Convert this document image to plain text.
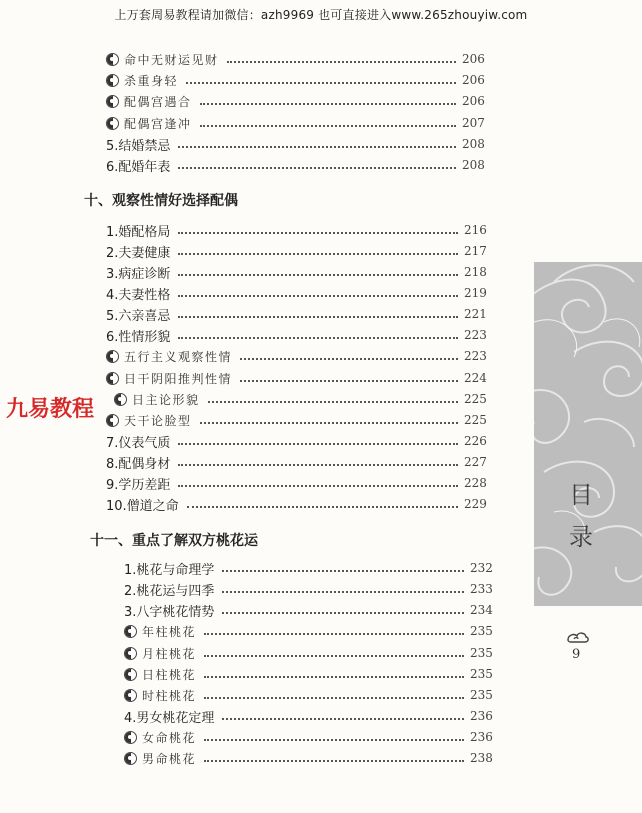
上万套周易教程请加微信：azh9969 也可直接进入www.265zhouyiw.com
九易教程
命中无财运见财	206
杀重身轻	206
配偶宫遇合	206
配偶宫逢冲	207
5.结婚禁忌	208
6.配婚年表	208
十、观察性情好选择配偶
1.婚配格局	216
2.夫妻健康	217
3.病症诊断	218
4.夫妻性格	219
5.六亲喜忌	221
6.性情形貌	223
五行主义观察性情	223
日干阴阳推判性情	224
日主论形貌	225
天干论脸型	225
7.仪表气质	226
8.配偶身材	227
9.学历差距	228
10.僧道之命	229
十一、重点了解双方桃花运
1.桃花与命理学	232
2.桃花运与四季	233
3.八字桃花情势	234
年柱桃花	235
月柱桃花	235
日柱桃花	235
时柱桃花	235
4.男女桃花定理	236
女命桃花	236
男命桃花	238
目
录
9
